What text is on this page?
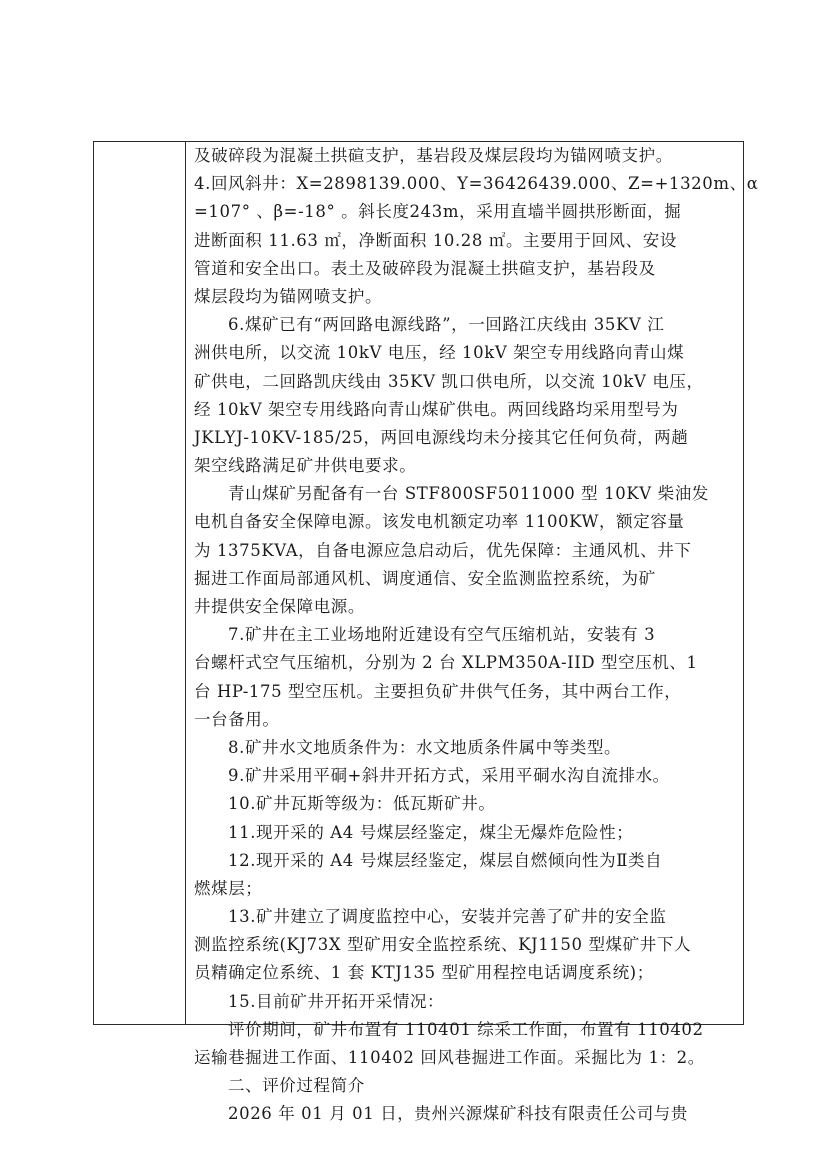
及破碎段为混凝土拱碹支护，基岩段及煤层段均为锚网喷支护。
4.回风斜井：X=2898139.000、Y=36426439.000、Z=+1320m、α
=107° 、β=-18° 。斜长度243m，采用直墙半圆拱形断面，掘
进断面积 11.63 ㎡，净断面积 10.28 ㎡。主要用于回风、安设
管道和安全出口。表土及破碎段为混凝土拱碹支护，基岩段及
煤层段均为锚网喷支护。
6.煤矿已有“两回路电源线路”，一回路江庆线由 35KV 江
洲供电所，以交流 10kV 电压，经 10kV 架空专用线路向青山煤
矿供电，二回路凯庆线由 35KV 凯口供电所，以交流 10kV 电压，
经 10kV 架空专用线路向青山煤矿供电。两回线路均采用型号为
JKLYJ-10KV-185/25，两回电源线均未分接其它任何负荷，两趟
架空线路满足矿井供电要求。
青山煤矿另配备有一台 STF800SF5011000 型 10KV 柴油发
电机自备安全保障电源。该发电机额定功率 1100KW，额定容量
为 1375KVA，自备电源应急启动后，优先保障：主通风机、井下
掘进工作面局部通风机、调度通信、安全监测监控系统，为矿
井提供安全保障电源。
7.矿井在主工业场地附近建设有空气压缩机站，安装有 3
台螺杆式空气压缩机，分别为 2 台 XLPM350A-IID 型空压机、1
台 HP-175 型空压机。主要担负矿井供气任务，其中两台工作，
一台备用。
8.矿井水文地质条件为：水文地质条件属中等类型。
9.矿井采用平硐+斜井开拓方式，采用平硐水沟自流排水。
10.矿井瓦斯等级为：低瓦斯矿井。
11.现开采的 A4 号煤层经鉴定，煤尘无爆炸危险性；
12.现开采的 A4 号煤层经鉴定，煤层自燃倾向性为Ⅱ类自
燃煤层；
13.矿井建立了调度监控中心，安装并完善了矿井的安全监
测监控系统(KJ73X 型矿用安全监控系统、KJ1150 型煤矿井下人
员精确定位系统、1 套 KTJ135 型矿用程控电话调度系统)；
15.目前矿井开拓开采情况：
评价期间，矿井布置有 110401 综采工作面，布置有 110402
运输巷掘进工作面、110402 回风巷掘进工作面。采掘比为 1：2。
二、评价过程简介
2026 年 01 月 01 日，贵州兴源煤矿科技有限责任公司与贵
